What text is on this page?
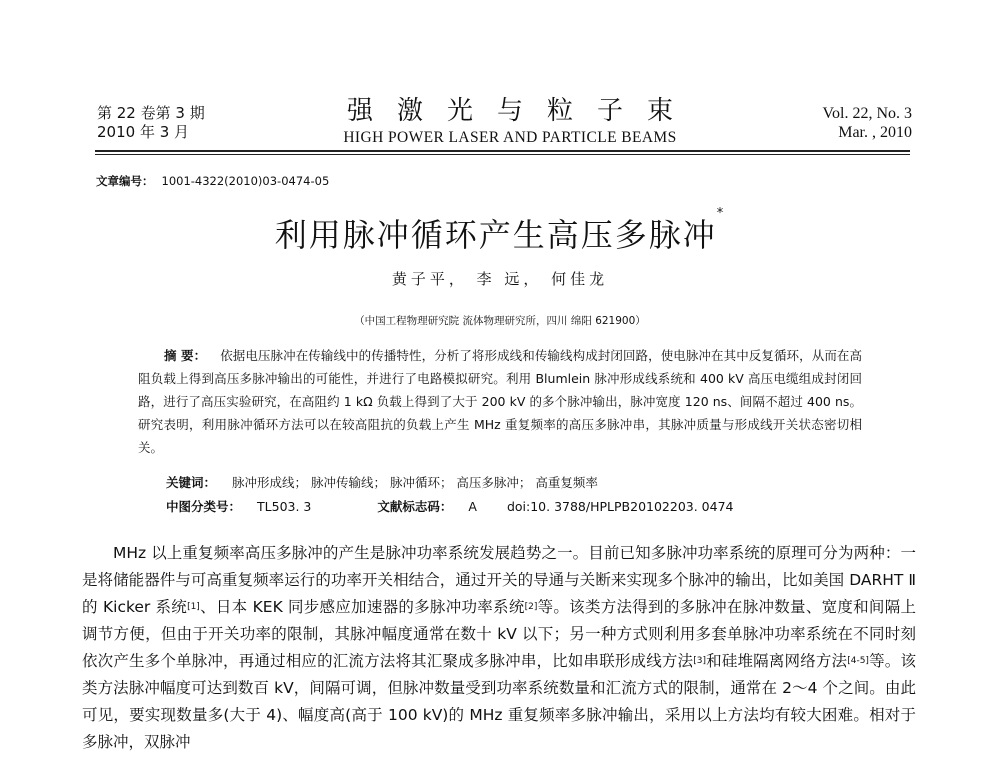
第 22 卷第 3 期
2010 年 3 月
强激光与粒子束
HIGH POWER LASER AND PARTICLE BEAMS
Vol. 22, No. 3
Mar. , 2010
文章编号： 1001-4322(2010)03-0474-05
利用脉冲循环产生高压多脉冲*
黄子平， 李 远， 何佳龙
（中国工程物理研究院 流体物理研究所，四川 绵阳 621900）
摘 要： 依据电压脉冲在传输线中的传播特性，分析了将形成线和传输线构成封闭回路，使电脉冲在其中反复循环，从而在高阻负载上得到高压多脉冲输出的可能性，并进行了电路模拟研究。利用 Blumlein 脉冲形成线系统和 400 kV 高压电缆组成封闭回路，进行了高压实验研究，在高阻约 1 kΩ 负载上得到了大于 200 kV 的多个脉冲输出，脉冲宽度 120 ns、间隔不超过 400 ns。研究表明，利用脉冲循环方法可以在较高阻抗的负载上产生 MHz 重复频率的高压多脉冲串，其脉冲质量与形成线开关状态密切相关。
关键词： 脉冲形成线； 脉冲传输线； 脉冲循环； 高压多脉冲； 高重复频率
中图分类号： TL503. 3	文献标志码： A doi:10. 3788/HPLPB20102203. 0474
MHz 以上重复频率高压多脉冲的产生是脉冲功率系统发展趋势之一。目前已知多脉冲功率系统的原理可分为两种：一是将储能器件与可高重复频率运行的功率开关相结合，通过开关的导通与关断来实现多个脉冲的输出，比如美国 DARHT Ⅱ 的 Kicker 系统[1]、日本 KEK 同步感应加速器的多脉冲功率系统[2]等。该类方法得到的多脉冲在脉冲数量、宽度和间隔上调节方便，但由于开关功率的限制，其脉冲幅度通常在数十 kV 以下；另一种方式则利用多套单脉冲功率系统在不同时刻依次产生多个单脉冲，再通过相应的汇流方法将其汇聚成多脉冲串，比如串联形成线方法[3]和硅堆隔离网络方法[4-5]等。该类方法脉冲幅度可达到数百 kV，间隔可调，但脉冲数量受到功率系统数量和汇流方式的限制，通常在 2～4 个之间。由此可见，要实现数量多(大于 4)、幅度高(高于 100 kV)的 MHz 重复频率多脉冲输出，采用以上方法均有较大困难。相对于多脉冲，双脉冲
